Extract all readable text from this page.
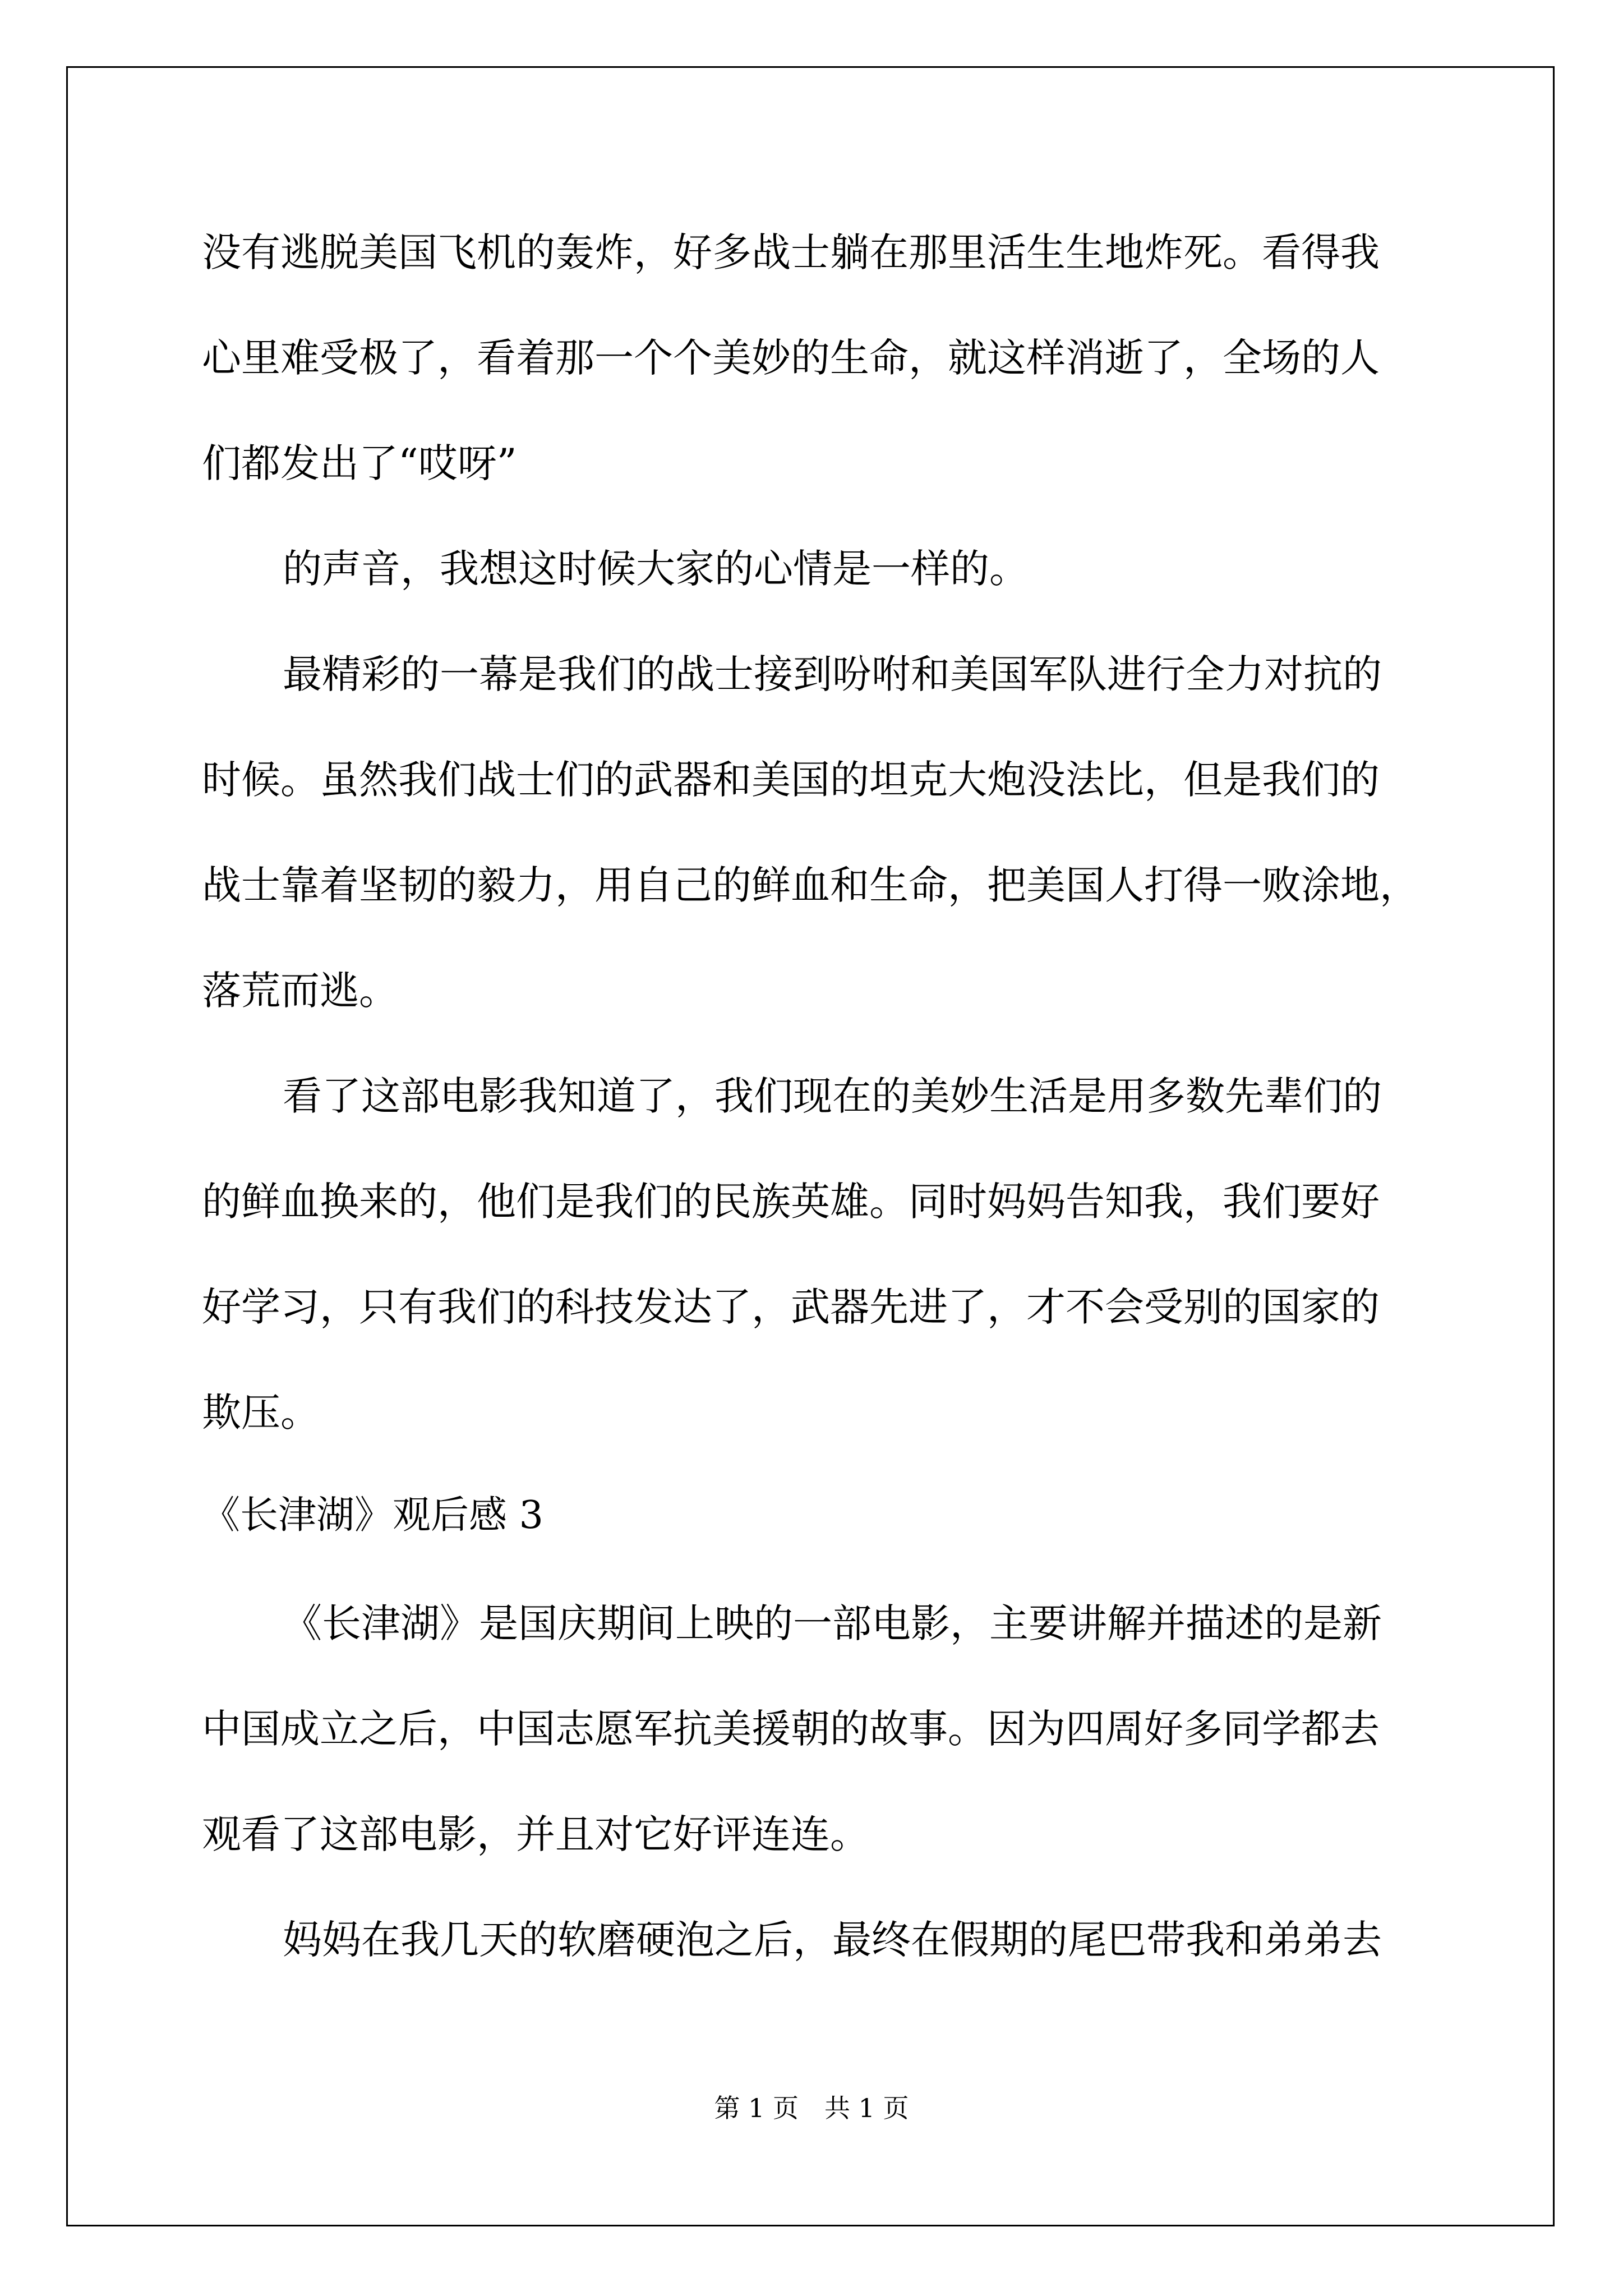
没有逃脱美国飞机的轰炸，好多战士躺在那里活生生地炸死。看得我
心里难受极了，看着那一个个美妙的生命，就这样消逝了，全场的人
们都发出了“哎呀”
的声音，我想这时候大家的心情是一样的。
最精彩的一幕是我们的战士接到吩咐和美国军队进行全力对抗的
时候。虽然我们战士们的武器和美国的坦克大炮没法比，但是我们的
战士靠着坚韧的毅力，用自己的鲜血和生命，把美国人打得一败涂地，
落荒而逃。
看了这部电影我知道了，我们现在的美妙生活是用多数先辈们的
的鲜血换来的，他们是我们的民族英雄。同时妈妈告知我，我们要好
好学习，只有我们的科技发达了，武器先进了，才不会受别的国家的
欺压。
《长津湖》观后感 3
《长津湖》是国庆期间上映的一部电影，主要讲解并描述的是新
中国成立之后，中国志愿军抗美援朝的故事。因为四周好多同学都去
观看了这部电影，并且对它好评连连。
妈妈在我几天的软磨硬泡之后，最终在假期的尾巴带我和弟弟去
第 1 页　共 1 页
